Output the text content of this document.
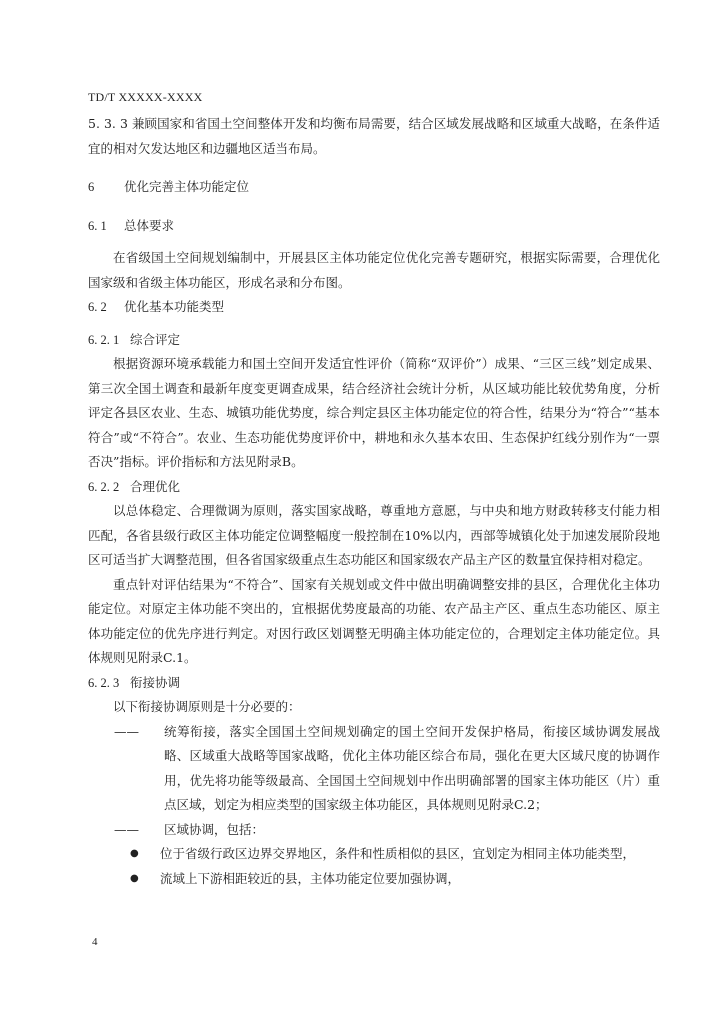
TD/T XXXXX-XXXX

5. 3. 3 兼顾国家和省国土空间整体开发和均衡布局需要，结合区域发展战略和区域重大战略，在条件适宜的相对欠发达地区和边疆地区适当布局。

6 优化完善主体功能定位

6. 1 总体要求

在省级国土空间规划编制中，开展县区主体功能定位优化完善专题研究，根据实际需要，合理优化国家级和省级主体功能区，形成名录和分布图。

6. 2 优化基本功能类型

6. 2. 1 综合评定

根据资源环境承载能力和国土空间开发适宜性评价（简称“双评价”）成果、“三区三线”划定成果、第三次全国土调查和最新年度变更调查成果，结合经济社会统计分析，从区域功能比较优势角度，分析评定各县区农业、生态、城镇功能优势度，综合判定县区主体功能定位的符合性，结果分为“符合”“基本符合”或“不符合”。农业、生态功能优势度评价中，耕地和永久基本农田、生态保护红线分别作为“一票否决”指标。评价指标和方法见附录B。

6. 2. 2 合理优化

以总体稳定、合理微调为原则，落实国家战略，尊重地方意愿，与中央和地方财政转移支付能力相匹配，各省县级行政区主体功能定位调整幅度一般控制在10%以内，西部等城镇化处于加速发展阶段地区可适当扩大调整范围，但各省国家级重点生态功能区和国家级农产品主产区的数量宜保持相对稳定。

重点针对评估结果为“不符合”、国家有关规划或文件中做出明确调整安排的县区，合理优化主体功能定位。对原定主体功能不突出的，宜根据优势度最高的功能、农产品主产区、重点生态功能区、原主体功能定位的优先序进行判定。对因行政区划调整无明确主体功能定位的，合理划定主体功能定位。具体规则见附录C.1。

6. 2. 3 衔接协调

以下衔接协调原则是十分必要的：

——	统筹衔接，落实全国国土空间规划确定的国土空间开发保护格局，衔接区域协调发展战略、区域重大战略等国家战略，优化主体功能区综合布局，强化在更大区域尺度的协调作用，优先将功能等级最高、全国国土空间规划中作出明确部署的国家主体功能区（片）重点区域，划定为相应类型的国家级主体功能区，具体规则见附录C.2；
——	区域协调，包括：
●	位于省级行政区边界交界地区，条件和性质相似的县区，宜划定为相同主体功能类型，
●	流域上下游相距较近的县，主体功能定位要加强协调，
4
